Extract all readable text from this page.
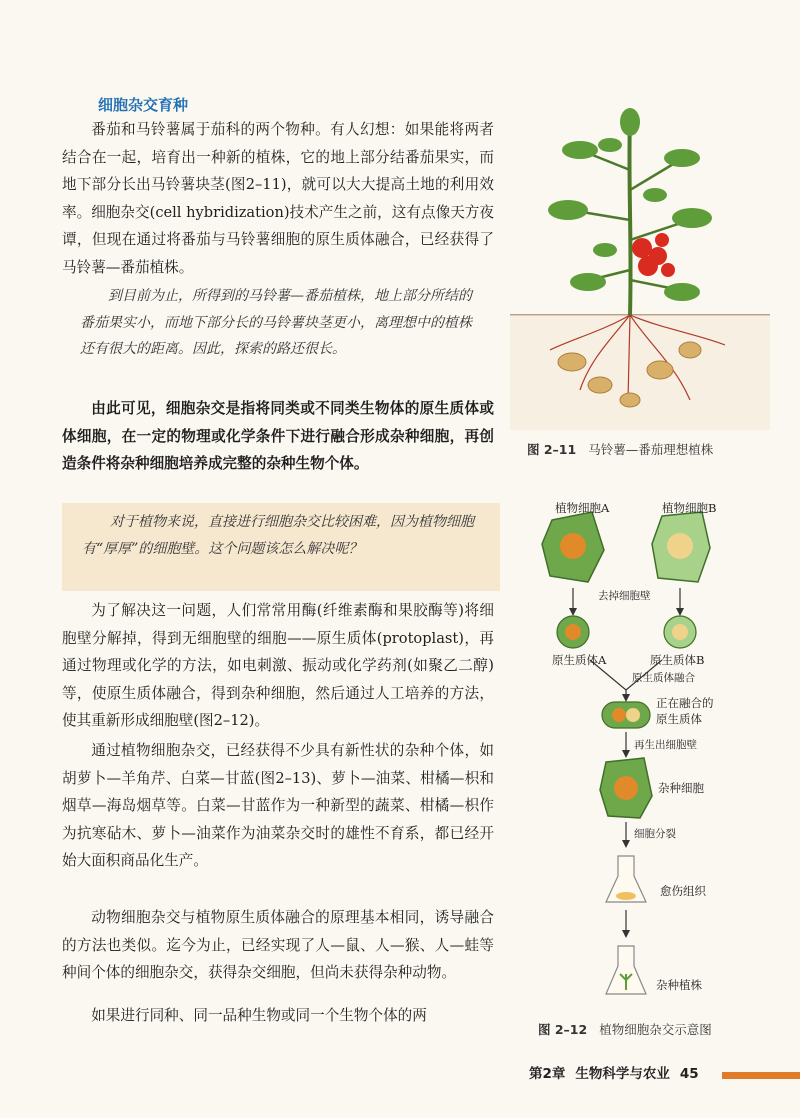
细胞杂交育种

番茄和马铃薯属于茄科的两个物种。有人幻想：如果能将两者结合在一起，培育出一种新的植株，它的地上部分结番茄果实，而地下部分长出马铃薯块茎(图2–11)，就可以大大提高土地的利用效率。细胞杂交(cell hybridization)技术产生之前，这有点像天方夜谭，但现在通过将番茄与马铃薯细胞的原生质体融合，已经获得了马铃薯—番茄植株。

到目前为止，所得到的马铃薯—番茄植株，地上部分所结的番茄果实小，而地下部分长的马铃薯块茎更小，离理想中的植株还有很大的距离。因此，探索的路还很长。

由此可见，细胞杂交是指将同类或不同类生物体的原生质体或体细胞，在一定的物理或化学条件下进行融合形成杂种细胞，再创造条件将杂种细胞培养成完整的杂种生物个体。

对于植物来说，直接进行细胞杂交比较困难，因为植物细胞有“厚厚”的细胞壁。这个问题该怎么解决呢？

为了解决这一问题，人们常常用酶(纤维素酶和果胶酶等)将细胞壁分解掉，得到无细胞壁的细胞——原生质体(protoplast)，再通过物理或化学的方法，如电刺激、振动或化学药剂(如聚乙二醇)等，使原生质体融合，得到杂种细胞，然后通过人工培养的方法，使其重新形成细胞壁(图2–12)。

通过植物细胞杂交，已经获得不少具有新性状的杂种个体，如胡萝卜—羊角芹、白菜—甘蓝(图2–13)、萝卜—油菜、柑橘—枳和烟草—海岛烟草等。白菜—甘蓝作为一种新型的蔬菜、柑橘—枳作为抗寒砧木、萝卜—油菜作为油菜杂交时的雄性不育系，都已经开始大面积商品化生产。

动物细胞杂交与植物原生质体融合的原理基本相同，诱导融合的方法也类似。迄今为止，已经实现了人—鼠、人—猴、人—蛙等种间个体的细胞杂交，获得杂交细胞，但尚未获得杂种动物。

如果进行同种、同一品种生物或同一个生物个体的两

图 2–11 马铃薯—番茄理想植株
植物细胞A	植物细胞B
去掉细胞壁
原生质体A	原生质体B
原生质体融合
正在融合的
原生质体
再生出细胞壁
杂种细胞
细胞分裂
愈伤组织
杂种植株
图 2–12 植物细胞杂交示意图
第2章 生物科学与农业 45
